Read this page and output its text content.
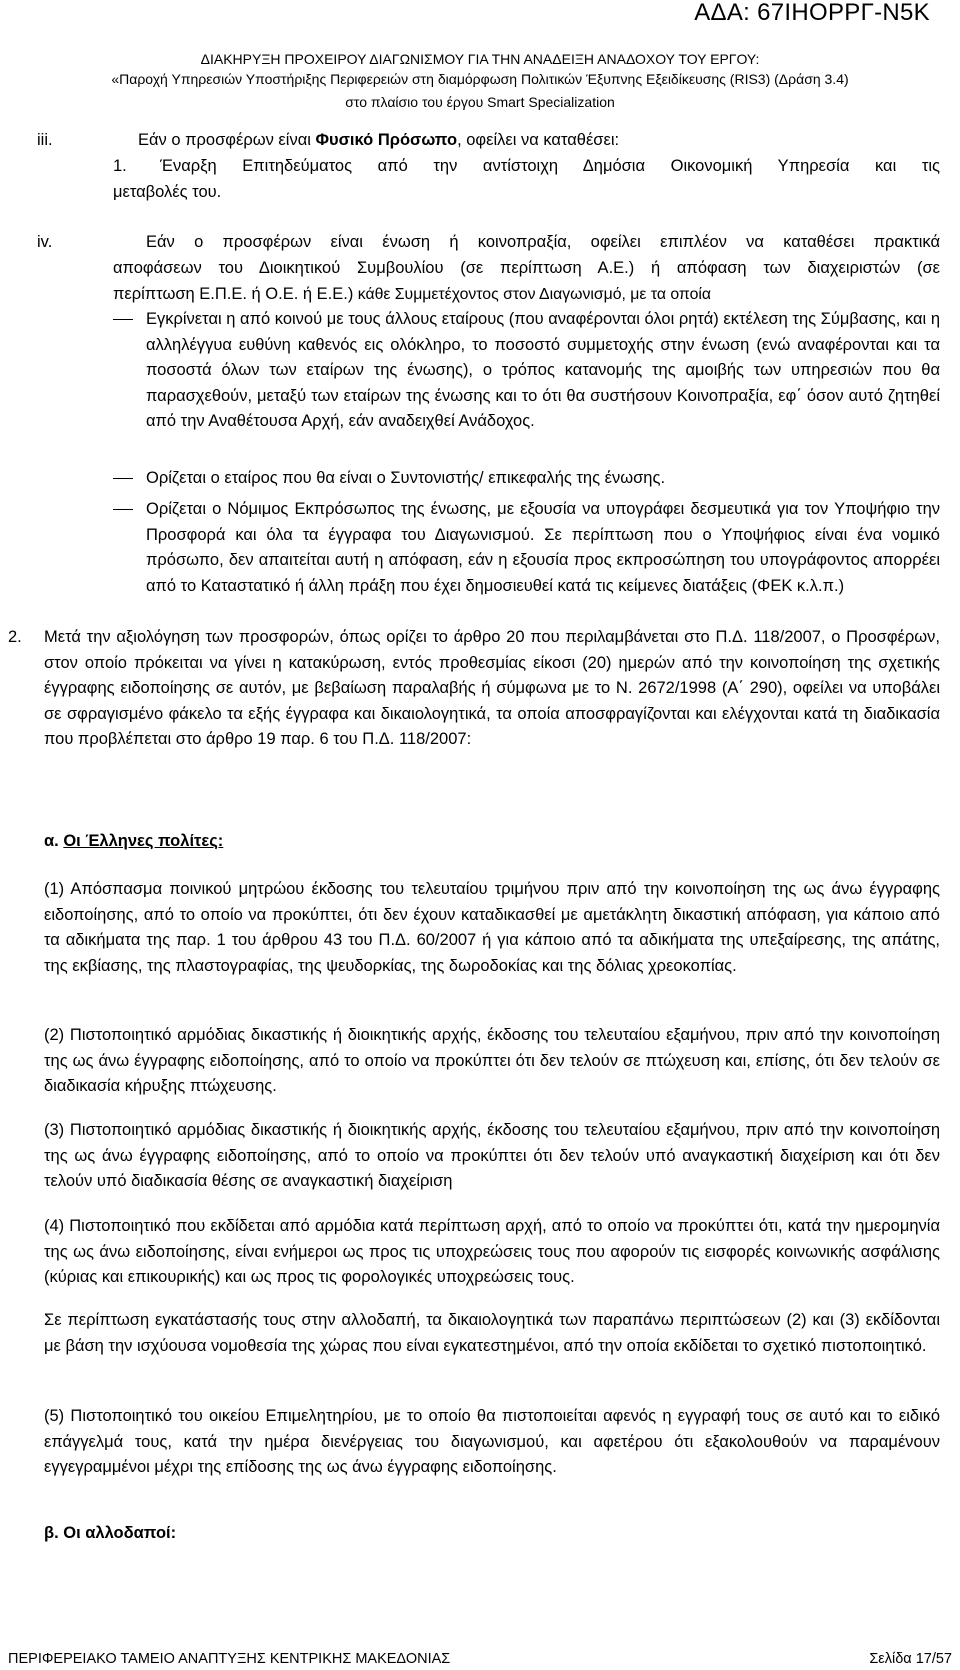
ΑΔΑ: 67ΙΗΟΡΡΓ-Ν5Κ
ΔΙΑΚΗΡΥΞΗ ΠΡΟΧΕΙΡΟΥ ΔΙΑΓΩΝΙΣΜΟΥ ΓΙΑ ΤΗΝ ΑΝΑΔΕΙΞΗ ΑΝΑΔΟΧΟΥ ΤΟΥ ΕΡΓΟΥ:
«Παροχή Υπηρεσιών Υποστήριξης Περιφερειών στη διαμόρφωση Πολιτικών Έξυπνης Εξειδίκευσης (RIS3) (Δράση 3.4)
στο πλαίσιο του έργου Smart Specialization
iii.	Εάν ο προσφέρων είναι Φυσικό Πρόσωπο, οφείλει να καταθέσει:
1. Έναρξη Επιτηδεύματος από την αντίστοιχη Δημόσια Οικονομική Υπηρεσία και τις
μεταβολές του.
iv.	Εάν ο προσφέρων είναι ένωση ή κοινοπραξία, οφείλει επιπλέον να καταθέσει πρακτικά
αποφάσεων του Διοικητικού Συμβουλίου (σε περίπτωση Α.Ε.) ή απόφαση των διαχειριστών (σε
περίπτωση Ε.Π.Ε. ή Ο.Ε. ή Ε.Ε.) κάθε Συμμετέχοντος στον Διαγωνισμό, με τα οποία
Εγκρίνεται η από κοινού με τους άλλους εταίρους (που αναφέρονται όλοι ρητά) εκτέλεση της Σύμβασης, και η αλληλέγγυα ευθύνη καθενός εις ολόκληρο, το ποσοστό συμμετοχής στην ένωση (ενώ αναφέρονται και τα ποσοστά όλων των εταίρων της ένωσης), ο τρόπος κατανομής της αμοιβής των υπηρεσιών που θα παρασχεθούν, μεταξύ των εταίρων της ένωσης και το ότι θα συστήσουν Κοινοπραξία, εφ΄ όσον αυτό ζητηθεί από την Αναθέτουσα Αρχή, εάν αναδειχθεί Ανάδοχος.
Ορίζεται ο εταίρος που θα είναι ο Συντονιστής/ επικεφαλής της ένωσης.
Ορίζεται ο Νόμιμος Εκπρόσωπος της ένωσης, με εξουσία να υπογράφει δεσμευτικά για τον Υποψήφιο την Προσφορά και όλα τα έγγραφα του Διαγωνισμού. Σε περίπτωση που ο Υποψήφιος είναι ένα νομικό πρόσωπο, δεν απαιτείται αυτή η απόφαση, εάν η εξουσία προς εκπροσώπηση του υπογράφοντος απορρέει από το Καταστατικό ή άλλη πράξη που έχει δημοσιευθεί κατά τις κείμενες διατάξεις (ΦΕΚ κ.λ.π.)
2. Μετά την αξιολόγηση των προσφορών, όπως ορίζει το άρθρο 20 που περιλαμβάνεται στο Π.Δ. 118/2007, ο Προσφέρων, στον οποίο πρόκειται να γίνει η κατακύρωση, εντός προθεσμίας είκοσι (20) ημερών από την κοινοποίηση της σχετικής έγγραφης ειδοποίησης σε αυτόν, με βεβαίωση παραλαβής ή σύμφωνα με το Ν. 2672/1998 (Α΄ 290), οφείλει να υποβάλει σε σφραγισμένο φάκελο τα εξής έγγραφα και δικαιολογητικά, τα οποία αποσφραγίζονται και ελέγχονται κατά τη διαδικασία που προβλέπεται στο άρθρο 19 παρ. 6 του Π.Δ. 118/2007:
α. Οι Έλληνες πολίτες:
(1) Απόσπασμα ποινικού μητρώου έκδοσης του τελευταίου τριμήνου πριν από την κοινοποίηση της ως άνω έγγραφης ειδοποίησης, από το οποίο να προκύπτει, ότι δεν έχουν καταδικασθεί με αμετάκλητη δικαστική απόφαση, για κάποιο από τα αδικήματα της παρ. 1 του άρθρου 43 του Π.Δ. 60/2007 ή για κάποιο από τα αδικήματα της υπεξαίρεσης, της απάτης, της εκβίασης, της πλαστογραφίας, της ψευδορκίας, της δωροδοκίας και της δόλιας χρεοκοπίας.
(2) Πιστοποιητικό αρμόδιας δικαστικής ή διοικητικής αρχής, έκδοσης του τελευταίου εξαμήνου, πριν από την κοινοποίηση της ως άνω έγγραφης ειδοποίησης, από το οποίο να προκύπτει ότι δεν τελούν σε πτώχευση και, επίσης, ότι δεν τελούν σε διαδικασία κήρυξης πτώχευσης.
(3) Πιστοποιητικό αρμόδιας δικαστικής ή διοικητικής αρχής, έκδοσης του τελευταίου εξαμήνου, πριν από την κοινοποίηση της ως άνω έγγραφης ειδοποίησης, από το οποίο να προκύπτει ότι δεν τελούν υπό αναγκαστική διαχείριση και ότι δεν τελούν υπό διαδικασία θέσης σε αναγκαστική διαχείριση
(4) Πιστοποιητικό που εκδίδεται από αρμόδια κατά περίπτωση αρχή, από το οποίο να προκύπτει ότι, κατά την ημερομηνία της ως άνω ειδοποίησης, είναι ενήμεροι ως προς τις υποχρεώσεις τους που αφορούν τις εισφορές κοινωνικής ασφάλισης (κύριας και επικουρικής) και ως προς τις φορολογικές υποχρεώσεις τους.
Σε περίπτωση εγκατάστασής τους στην αλλοδαπή, τα δικαιολογητικά των παραπάνω περιπτώσεων (2) και (3) εκδίδονται με βάση την ισχύουσα νομοθεσία της χώρας που είναι εγκατεστημένοι, από την οποία εκδίδεται το σχετικό πιστοποιητικό.
(5) Πιστοποιητικό του οικείου Επιμελητηρίου, με το οποίο θα πιστοποιείται αφενός η εγγραφή τους σε αυτό και το ειδικό επάγγελμά τους, κατά την ημέρα διενέργειας του διαγωνισμού, και αφετέρου ότι εξακολουθούν να παραμένουν εγγεγραμμένοι μέχρι της επίδοσης της ως άνω έγγραφης ειδοποίησης.
β. Οι αλλοδαποί:
ΠΕΡΙΦΕΡΕΙΑΚΟ ΤΑΜΕΙΟ ΑΝΑΠΤΥΞΗΣ ΚΕΝΤΡΙΚΗΣ ΜΑΚΕΔΟΝΙΑΣ	Σελίδα 17/57
